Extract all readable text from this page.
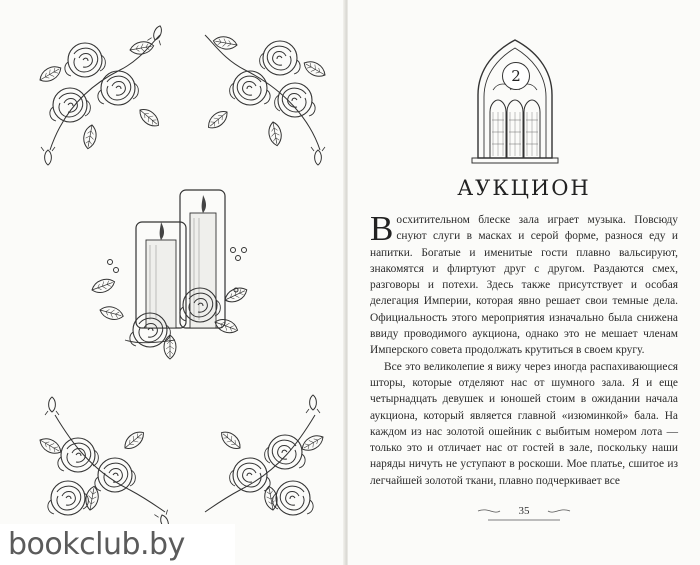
bookclub.by
2
АУКЦИОН

Восхитительном блеске зала играет музыка. Повсюду снуют слуги в масках и серой форме, разнося еду и напитки. Богатые и именитые гости плавно вальсируют, знакомятся и флиртуют друг с другом. Раздаются смех, разговоры и потехи. Здесь также присутствует и особая делегация Империи, которая явно решает свои темные дела. Официальность этого мероприятия изначально была снижена ввиду проводимого аукциона, однако это не мешает членам Имперского совета продолжать крутиться в своем кругу.

Все это великолепие я вижу через иногда распахивающиеся шторы, которые отделяют нас от шумного зала. Я и еще четырнадцать девушек и юношей стоим в ожидании начала аукциона, который является главной «изюминкой» бала. На каждом из нас золотой ошейник с выбитым номером лота — только это и отличает нас от гостей в зале, поскольку наши наряды ничуть не уступают в роскоши. Мое платье, сшитое из легчайшей золотой ткани, плавно подчеркивает все

35
